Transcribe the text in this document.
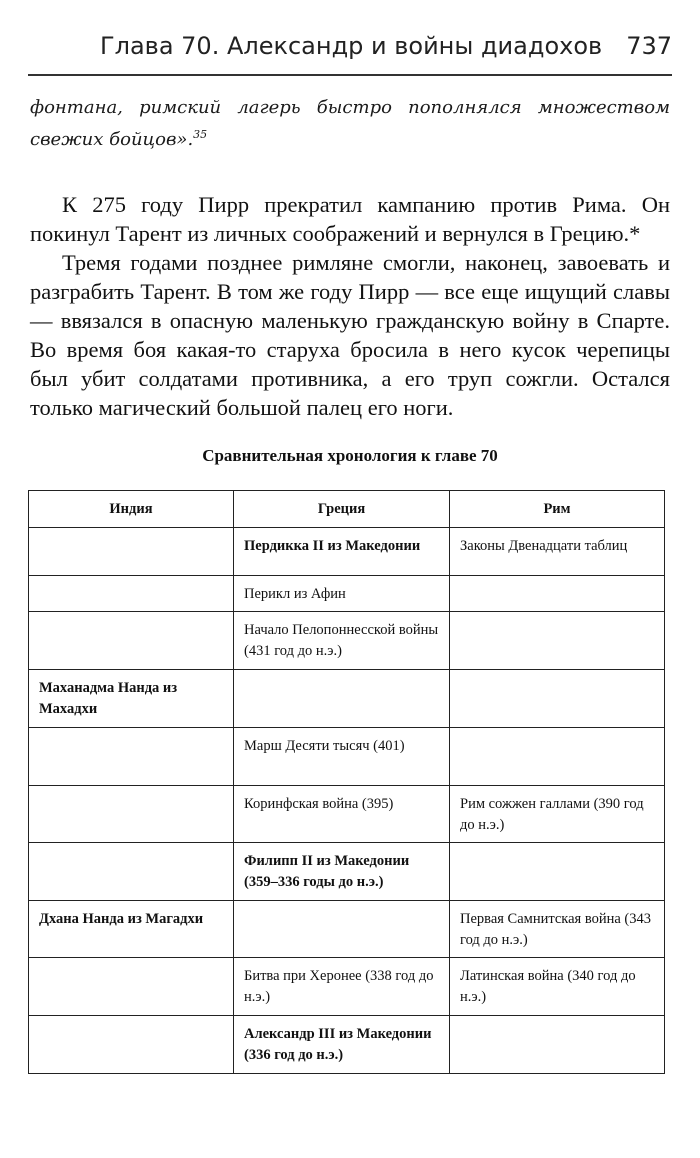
Глава 70. Александр и войны диадохов 737
фонтана, римский лагерь быстро пополнялся множеством свежих бойцов».$^{35}$

К 275 году Пирр прекратил кампанию против Рима. Он покинул Тарент из личных соображений и вернулся в Грецию.*

Тремя годами позднее римляне смогли, наконец, завоевать и разграбить Тарент. В том же году Пирр — все еще ищущий славы — ввязался в опасную маленькую гражданскую войну в Спарте. Во время боя какая-то старуха бросила в него кусок черепицы был убит солдатами противника, а его труп сожгли. Остался только магический большой палец его ноги.

Сравнительная хронология к главе 70
Индия	Греция	Рим
	Пердикка II из Македонии	Законы Двенадцати таблиц
	Перикл из Афин	
	Начало Пелопоннесской войны (431 год до н.э.)	
Маханадма Нанда из Махадхи		
	Марш Десяти тысяч (401)	
	Коринфская война (395)	Рим сожжен галлами (390 год до н.э.)
	Филипп II из Македонии (359–336 годы до н.э.)	
Дхана Нанда из Магадхи		Первая Самнитская война (343 год до н.э.)
	Битва при Херонее (338 год до н.э.)	Латинская война (340 год до н.э.)
	Александр III из Македонии (336 год до н.э.)	
